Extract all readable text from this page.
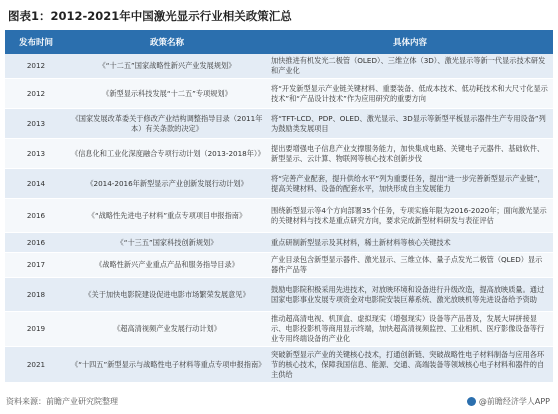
图表1：2012-2021年中国激光显示行业相关政策汇总
发布时间	政策名称	具体内容
2012	《“十二五”国家战略性新兴产业发展规划》	加快推进有机发光二极管（OLED）、三维立体（3D）、激光显示等新一代显示技术研发和产业化
2012	《新型显示科技发展“十二五”专项规划》	将“开发新型显示产业链关键材料、重要装备、低成本技术、低功耗技术和大尺寸化显示技术”和“产品设计技术”作为应用研究的重要方向
2013	《国家发展改革委关于修改产业结构调整指导目录（2011年本）有关条款的决定》	将“TFT-LCD、PDP、OLED、激光显示、3D显示等新型平板显示器件生产专用设备”列为鼓励类发展项目
2013	《信息化和工业化深度融合专项行动计划（2013-2018年）》	提出要增强电子信息产业支撑服务能力，加快集成电路、关键电子元器件、基础软件、新型显示、云计算、物联网等核心技术创新步伐
2014	《2014-2016年新型显示产业创新发展行动计划》	将“完善产业配套，提升供给水平”列为重要任务，提出“进一步完善新型显示产业链”，提高关键材料、设备的配套水平，加快形成自主发展能力
2016	《“战略性先进电子材料”重点专项项目申报指南》	围绕新型显示等4个方向部署35个任务，专项实施年限为2016-2020年；面向激光显示的关键材料与技术是重点研究方向，要求完成新型材料研发与表征评估
2016	《“十三五”国家科技创新规划》	重点研制新型显示及其材料，稀土新材料等核心关键技术
2017	《战略性新兴产业重点产品和服务指导目录》	产业目录包含新型显示器件、激光显示、三维立体、量子点发光二极管（QLED）显示器件产品等
2018	《关于加快电影院建设促进电影市场繁荣发展意见》	鼓励电影院积极采用先进技术，对放映环境和设备进行升级改造，提高放映质量。通过国家电影事业发展专项资金对电影院安装巨幕系统、激光放映机等先进设备给予资助
2019	《超高清视频产业发展行动计划》	推动超高清电视、机顶盒、虚拟现实（增强现实）设备等产品普及，发展大屏拼接显示、电影投影机等商用显示终端，加快超高清视频监控、工业相机、医疗影像设备等行业专用终端设备的产业化
2021	《“十四五”新型显示与战略性电子材料等重点专项申报指南》	突破新型显示产业的关键核心技术，打通创新链、突破战略性电子材料制备与应用各环节的核心技术，保障我国信息、能源、交通、高端装备等领域核心电子材料和器件的自主供给
资料来源：前瞻产业研究院整理	@前瞻经济学人APP
